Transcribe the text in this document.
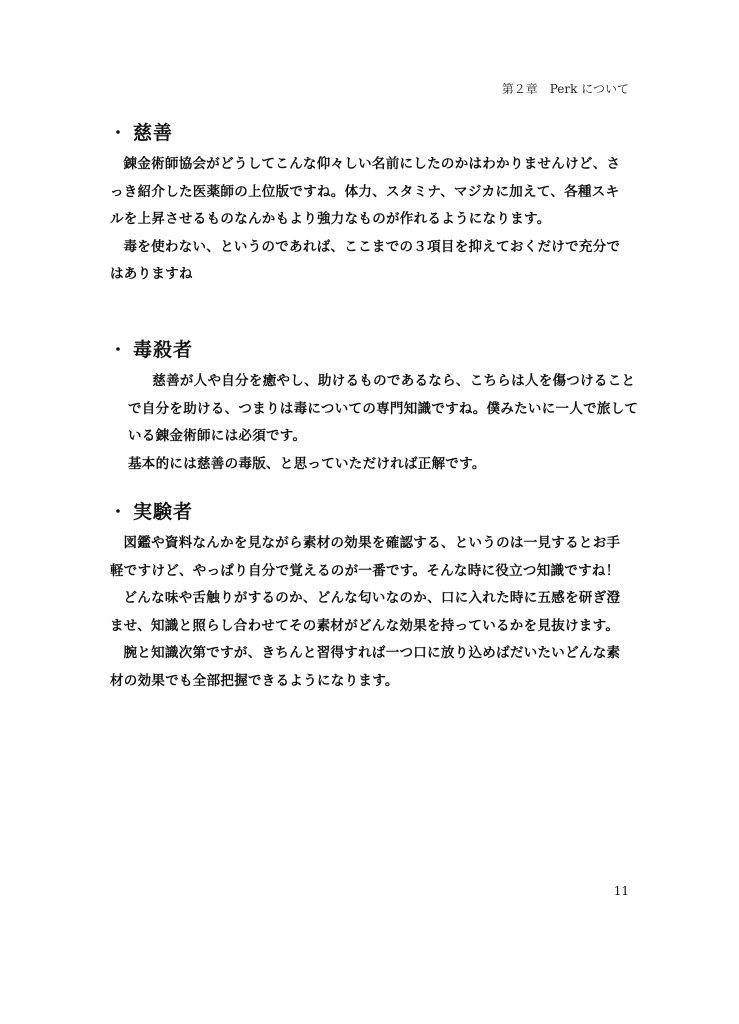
第２章　Perk について
・ 慈善

錬金術師協会がどうしてこんな仰々しい名前にしたのかはわかりませんけど、さっき紹介した医薬師の上位版ですね。体力、スタミナ、マジカに加えて、各種スキルを上昇させるものなんかもより強力なものが作れるようになります。

毒を使わない、というのであれば、ここまでの３項目を抑えておくだけで充分ではありますね

・ 毒殺者

慈善が人や自分を癒やし、助けるものであるなら、こちらは人を傷つけることで自分を助ける、つまりは毒についての専門知識ですね。僕みたいに一人で旅している錬金術師には必須です。

基本的には慈善の毒版、と思っていただければ正解です。

・ 実験者

図鑑や資料なんかを見ながら素材の効果を確認する、というのは一見するとお手軽ですけど、やっぱり自分で覚えるのが一番です。そんな時に役立つ知識ですね！

どんな味や舌触りがするのか、どんな匂いなのか、口に入れた時に五感を研ぎ澄ませ、知識と照らし合わせてその素材がどんな効果を持っているかを見抜けます。

腕と知識次第ですが、きちんと習得すれば一つ口に放り込めばだいたいどんな素材の効果でも全部把握できるようになります。

11
